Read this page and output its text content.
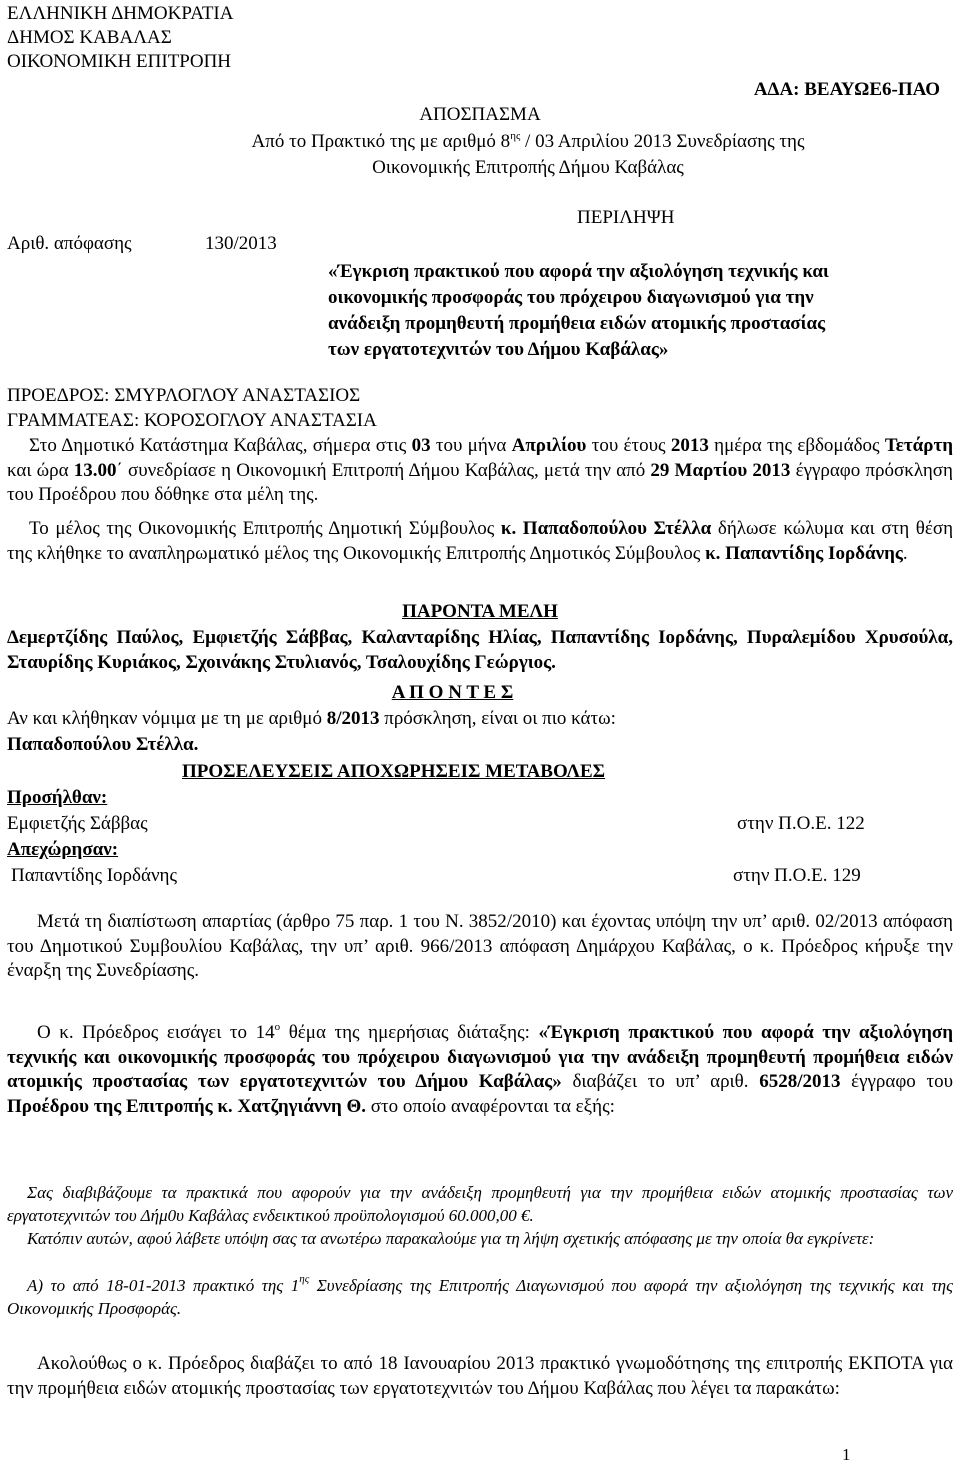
ΕΛΛΗΝΙΚΗ ΔΗΜΟΚΡΑΤΙΑ
ΔΗΜΟΣ ΚΑΒΑΛΑΣ
ΟΙΚΟΝΟΜΙΚΗ ΕΠΙΤΡΟΠΗ
ΑΔΑ: ΒΕΑΥΩΕ6-ΠΑΟ
ΑΠΟΣΠΑΣΜΑ
Από το Πρακτικό της με αριθμό $8^{\eta\varsigma} / 03$ Απριλίου 2013 Συνεδρίασης της
Οικονομικής Επιτροπής Δήμου Καβάλας
ΠΕΡΙΛΗΨΗ
Αριθ. απόφασης	130/2013
«Έγκριση πρακτικού που αφορά την αξιολόγηση τεχνικής και
οικονομικής προσφοράς του πρόχειρου διαγωνισμού για την
ανάδειξη προμηθευτή προμήθεια ειδών ατομικής προστασίας
των εργατοτεχνιτών του Δήμου Καβάλας»
ΠΡΟΕΔΡΟΣ: ΣΜΥΡΛΟΓΛΟΥ ΑΝΑΣΤΑΣΙΟΣ
ΓΡΑΜΜΑΤΕΑΣ: ΚΟΡΟΣΟΓΛΟΥ ΑΝΑΣΤΑΣΙΑ
Στο Δημοτικό Κατάστημα Καβάλας, σήμερα στις 03 του μήνα Απριλίου του έτους 2013 ημέρα της εβδομάδος Τετάρτη και ώρα 13.00΄ συνεδρίασε η Οικονομική Επιτροπή Δήμου Καβάλας, μετά την από 29 Μαρτίου 2013 έγγραφο πρόσκληση του Προέδρου που δόθηκε στα μέλη της.
Το μέλος της Οικονομικής Επιτροπής Δημοτική Σύμβουλος κ. Παπαδοπούλου Στέλλα δήλωσε κώλυμα και στη θέση της κλήθηκε το αναπληρωματικό μέλος της Οικονομικής Επιτροπής Δημοτικός Σύμβουλος κ. Παπαντίδης Ιορδάνης.
ΠΑΡΟΝΤΑ ΜΕΛΗ
Δεμερτζίδης Παύλος, Εμφιετζής Σάββας, Καλανταρίδης Ηλίας, Παπαντίδης Ιορδάνης, Πυραλεμίδου Χρυσούλα, Σταυρίδης Κυριάκος, Σχοινάκης Στυλιανός, Τσαλουχίδης Γεώργιος.
Α Π Ο Ν Τ Ε Σ
Αν και κλήθηκαν νόμιμα με τη με αριθμό 8/2013 πρόσκληση, είναι οι πιο κάτω:
Παπαδοπούλου Στέλλα.
ΠΡΟΣΕΛΕΥΣΕΙΣ ΑΠΟΧΩΡΗΣΕΙΣ ΜΕΤΑΒΟΛΕΣ
Προσήλθαν:
Εμφιετζής Σάββας	στην Π.Ο.Ε. 122
Απεχώρησαν:
Παπαντίδης Ιορδάνης	στην Π.Ο.Ε. 129
Μετά τη διαπίστωση απαρτίας (άρθρο 75 παρ. 1 του Ν. 3852/2010) και έχοντας υπόψη την υπ’ αριθ. 02/2013 απόφαση του Δημοτικού Συμβουλίου Καβάλας, την υπ’ αριθ. 966/2013 απόφαση Δημάρχου Καβάλας, ο κ. Πρόεδρος κήρυξε την έναρξη της Συνεδρίασης.
Ο κ. Πρόεδρος εισάγει το $14^o$ θέμα της ημερήσιας διάταξης: «Έγκριση πρακτικού που αφορά την αξιολόγηση τεχνικής και οικονομικής προσφοράς του πρόχειρου διαγωνισμού για την ανάδειξη προμηθευτή προμήθεια ειδών ατομικής προστασίας των εργατοτεχνιτών του Δήμου Καβάλας» διαβάζει το υπ’ αριθ. 6528/2013 έγγραφο του Προέδρου της Επιτροπής κ. Χατζηγιάννη Θ. στο οποίο αναφέρονται τα εξής:
Σας διαβιβάζουμε τα πρακτικά που αφορούν για την ανάδειξη προμηθευτή για την προμήθεια ειδών ατομικής προστασίας των εργατοτεχνιτών του Δήμ0υ Καβάλας ενδεικτικού προϋπολογισμού 60.000,00 €.
Κατόπιν αυτών, αφού λάβετε υπόψη σας τα ανωτέρω παρακαλούμε για τη λήψη σχετικής απόφασης με την οποία θα εγκρίνετε:
Α) το από 18-01-2013 πρακτικό της $1^{\eta\varsigma}$ Συνεδρίασης της Επιτροπής Διαγωνισμού που αφορά την αξιολόγηση της τεχνικής και της Οικονομικής Προσφοράς.
Ακολούθως ο κ. Πρόεδρος διαβάζει το από 18 Ιανουαρίου 2013 πρακτικό γνωμοδότησης της επιτροπής ΕΚΠΟΤΑ για την προμήθεια ειδών ατομικής προστασίας των εργατοτεχνιτών του Δήμου Καβάλας που λέγει τα παρακάτω:
1
